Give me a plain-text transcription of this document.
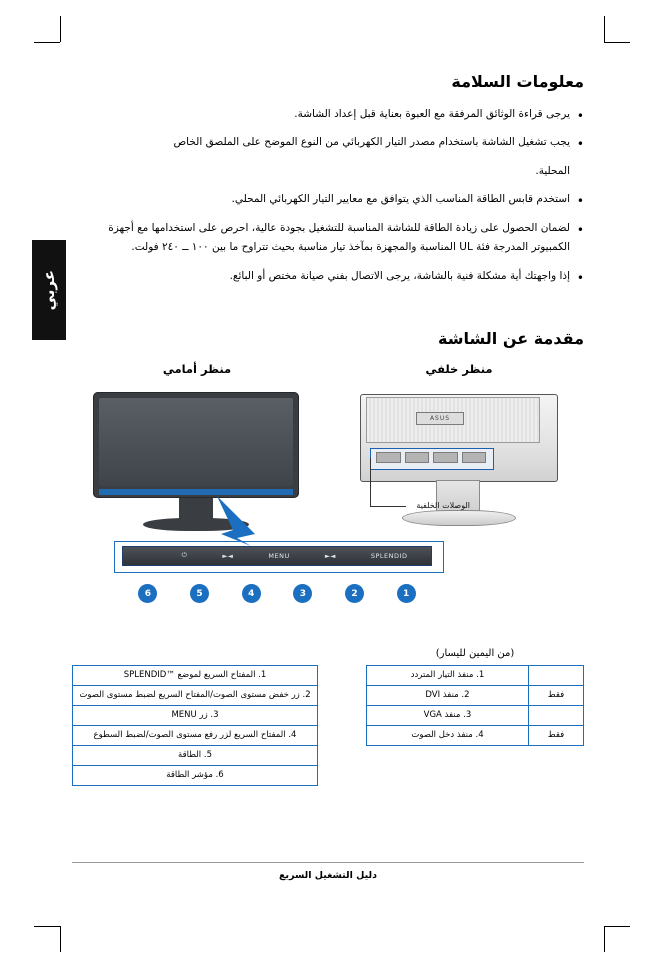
عربي
معلومات السلامة
• يرجى قراءة الوثائق المرفقة مع العبوة بعناية قبل إعداد الشاشة.
• يجب تشغيل الشاشة باستخدام مصدر التيار الكهربائي من النوع الموضح على الملصق الخاص
المحلية.
• استخدم قابس الطاقة المناسب الذي يتوافق مع معايير التيار الكهربائي المحلي.
• لضمان الحصول على زيادة الطاقة للشاشة المناسبة للتشغيل بجودة عالية، احرص على استخدامها مع أجهزة الكمبيوتر المدرجة فئة UL المناسبة والمجهزة بمآخذ تيار مناسبة بحيث تتراوح ما بين ١٠٠ ــ ٢٤٠ فولت.
• إذا واجهتك أية مشكلة فنية بالشاشة، يرجى الاتصال بفني صيانة مختص أو البائع.
مقدمة عن الشاشة
منظر خلفي
ASUS
الوصلات الخلفية
منظر أمامي
SPLENDID
◄►
MENU
◄►
⏻
1
2
3
4
5
6
(من اليمين لليسار)
	1. منفذ التيار المتردد
فقط	2. منفذ DVI
	3. منفذ VGA
فقط	4. منفذ دخل الصوت

1. المفتاح السريع لموضع ™SPLENDID
2. زر خفض مستوى الصوت/المفتاح السريع لضبط مستوى الصوت
3. زر MENU
4. المفتاح السريع لزر رفع مستوى الصوت/لضبط السطوع
5. الطاقة
6. مؤشر الطاقة
دليل التشغيل السريع
